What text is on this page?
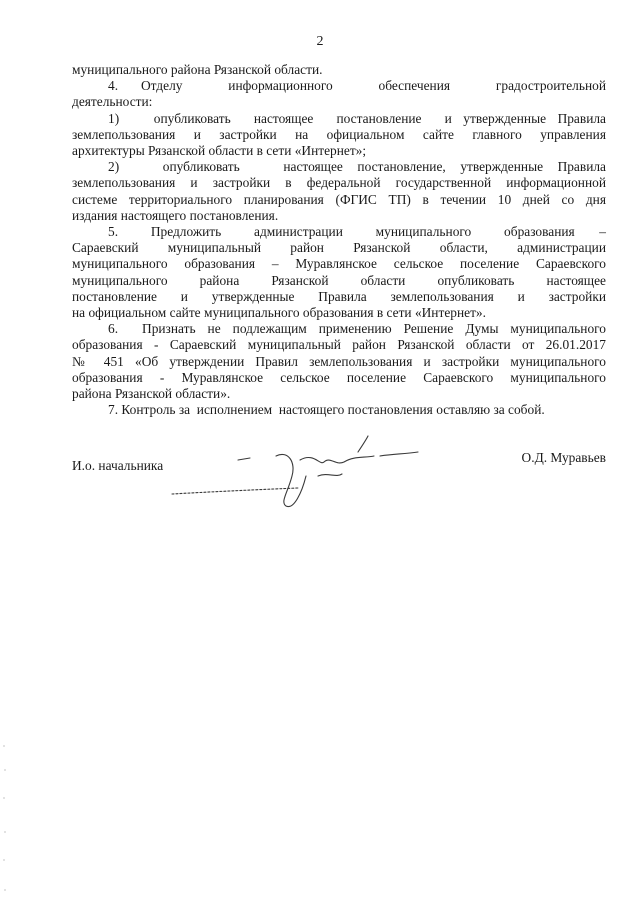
2
муниципального района Рязанской области.
4.   Отделу      информационного      обеспечения      градостроительной
деятельности:
1)   опубликовать  настоящее  постановление  и утвержденные Правила
землепользования и застройки на официальном сайте главного управления
архитектуры Рязанской области в сети «Интернет»;
2)   опубликовать   настоящее постановление, утвержденные Правила
землепользования и застройки в федеральной государственной информационной
системе территориального планирования (ФГИС ТП) в течении 10 дней со дня
издания настоящего постановления.
5.    Предложить    администрации    муниципального    образования   –
Сараевский муниципальный район Рязанской области, администрации
муниципального образования – Муравлянское сельское поселение Сараевского
муниципального района Рязанской области опубликовать настоящее
постановление и утвержденные Правила землепользования и застройки
на официальном сайте муниципального образования в сети «Интернет».
6.  Признать не подлежащим применению Решение Думы муниципального
образования - Сараевский муниципальный район Рязанской области от 26.01.2017
№ 451 «Об утверждении Правил землепользования и застройки муниципального
образования - Муравлянское сельское поселение Сараевского муниципального
района Рязанской области».
7. Контроль за  исполнением  настоящего постановления оставляю за собой.
И.о. начальника
О.Д. Муравьев
